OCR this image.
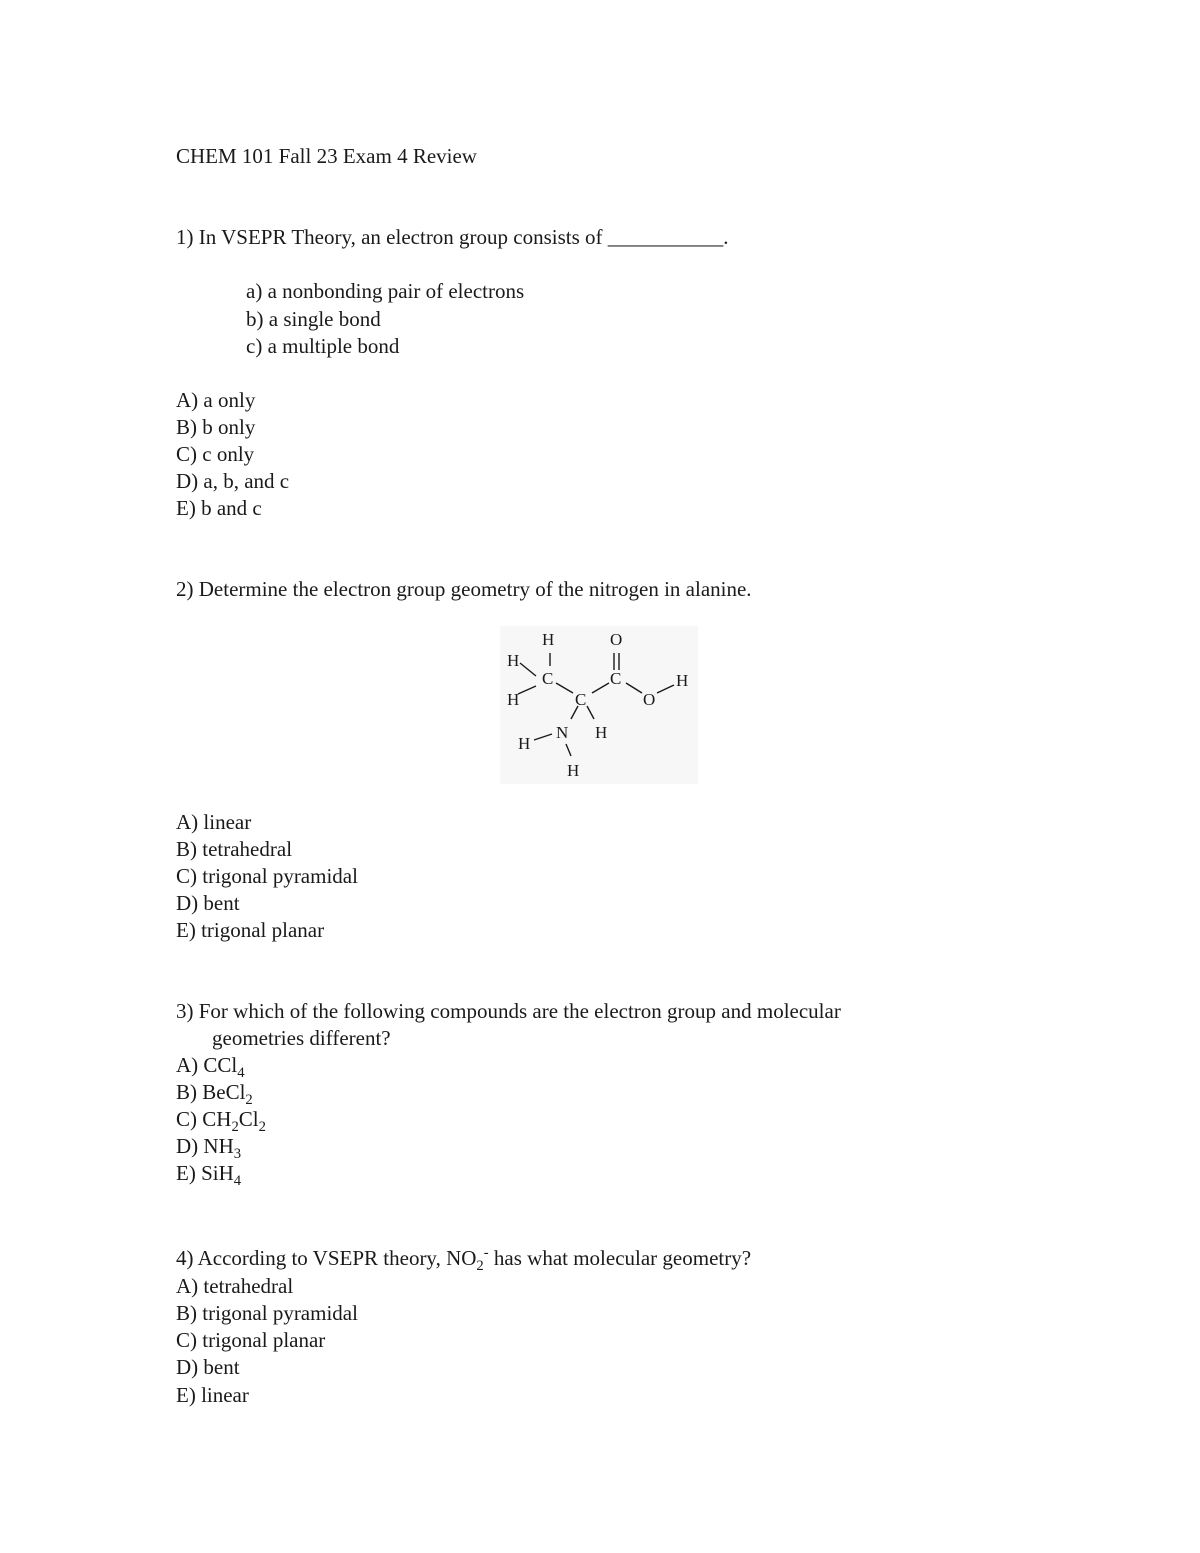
CHEM 101 Fall 23 Exam 4 Review
1) In VSEPR Theory, an electron group consists of ___________.
a) a nonbonding pair of electrons
b) a single bond
c) a multiple bond
A) a only
B) b only
C) c only
D) a, b, and c
E) b and c
2) Determine the electron group geometry of the nitrogen in alanine.
H	O
H
C	C	H
H	C	O
N
H
H
H
A) linear
B) tetrahedral
C) trigonal pyramidal
D) bent
E) trigonal planar
3) For which of the following compounds are the electron group and molecular
geometries different?
A) CCl$_4$
B) BeCl$_2$
C) $CH_2Cl_2$
D) $NH_3$
E) SiH$_4$
4) According to VSEPR theory, $NO_2^-$ has what molecular geometry?
A) tetrahedral
B) trigonal pyramidal
C) trigonal planar
D) bent
E) linear
